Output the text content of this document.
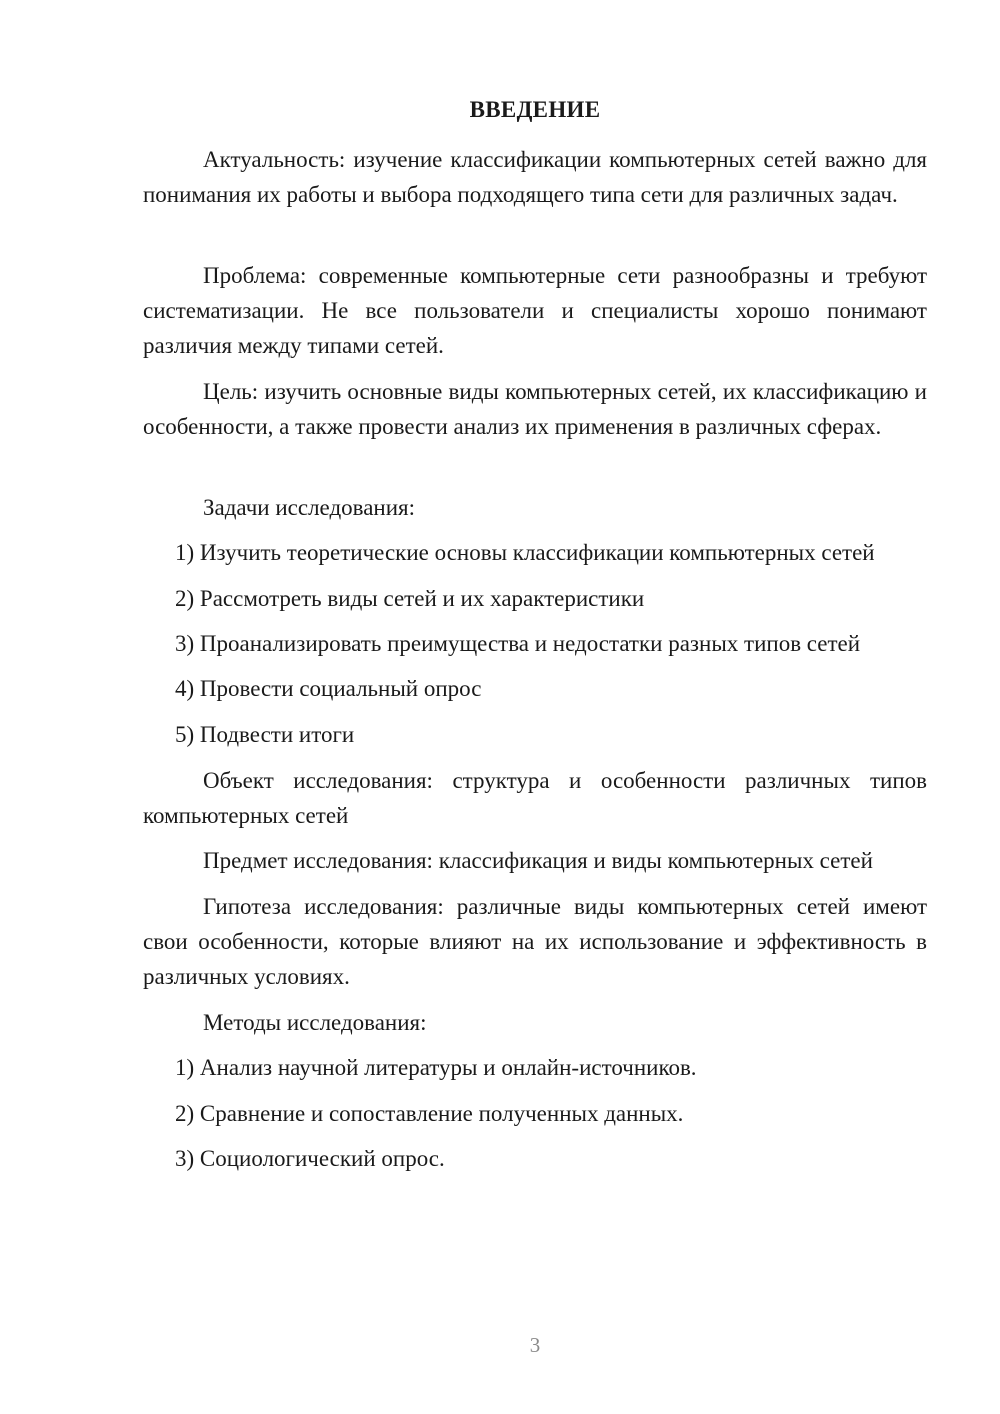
ВВЕДЕНИЕ

Актуальность: изучение классификации компьютерных сетей важно для понимания их работы и выбора подходящего типа сети для различных задач.

Проблема: современные компьютерные сети разнообразны и требуют систематизации. Не все пользователи и специалисты хорошо понимают различия между типами сетей.

Цель: изучить основные виды компьютерных сетей, их классификацию и особенности, а также провести анализ их применения в различных сферах.

Задачи исследования:
1) Изучить теоретические основы классификации компьютерных сетей
2) Рассмотреть виды сетей и их характеристики
3) Проанализировать преимущества и недостатки разных типов сетей
4) Провести социальный опрос
5) Подвести итоги

Объект исследования: структура и особенности различных типов компьютерных сетей

Предмет исследования: классификация и виды компьютерных сетей

Гипотеза исследования: различные виды компьютерных сетей имеют свои особенности, которые влияют на их использование и эффективность в различных условиях.

Методы исследования:
1) Анализ научной литературы и онлайн-источников.
2) Сравнение и сопоставление полученных данных.
3) Социологический опрос.
3
